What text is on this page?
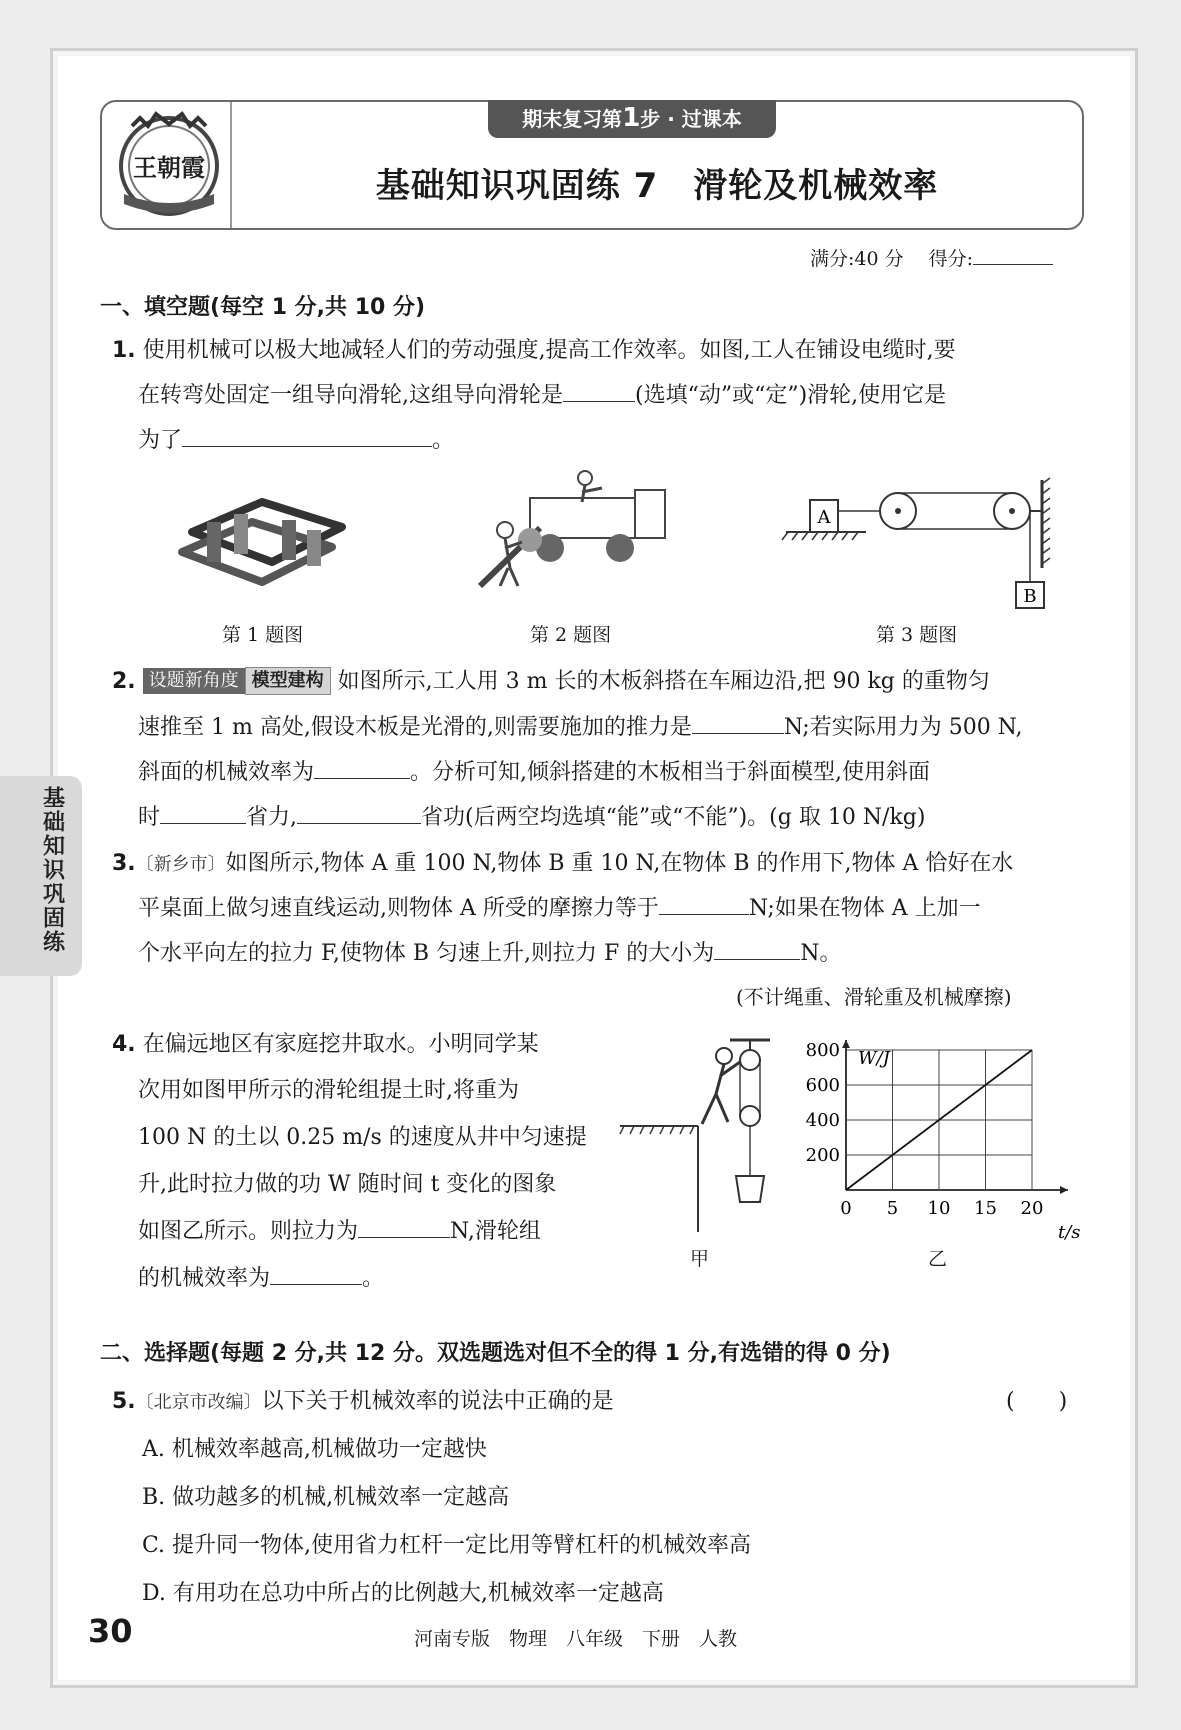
王朝霞
期末复习第1步 · 过课本
基础知识巩固练 7　滑轮及机械效率
满分:40 分　 得分:
一、填空题(每空 1 分,共 10 分)
1. 使用机械可以极大地减轻人们的劳动强度,提高工作效率。如图,工人在铺设电缆时,要
在转弯处固定一组导向滑轮,这组导向滑轮是	(选填“动”或“定”)滑轮,使用它是
为了	。
第 1 题图	第 2 题图
A
B
第 3 题图
2. 设题新角度 模型建构 如图所示,工人用 3 m 长的木板斜搭在车厢边沿,把 90 kg 的重物匀
速推至 1 m 高处,假设木板是光滑的,则需要施加的推力是	N;若实际用力为 500 N,
斜面的机械效率为	。分析可知,倾斜搭建的木板相当于斜面模型,使用斜面
时	省力,	省功(后两空均选填“能”或“不能”)。(g 取 10 N/kg)
3.〔新乡市〕如图所示,物体 A 重 100 N,物体 B 重 10 N,在物体 B 的作用下,物体 A 恰好在水
平桌面上做匀速直线运动,则物体 A 所受的摩擦力等于	N;如果在物体 A 上加一
个水平向左的拉力 F,使物体 B 匀速上升,则拉力 F 的大小为	N。
(不计绳重、滑轮重及机械摩擦)
4. 在偏远地区有家庭挖井取水。小明同学某
次用如图甲所示的滑轮组提土时,将重为
100 N 的土以 0.25 m/s 的速度从井中匀速提
升,此时拉力做的功 W 随时间 t 变化的图象
如图乙所示。则拉力为	N,滑轮组
的机械效率为	。
甲
0 5 10 15 20
200
400
600
800 W/J
t/s
乙
二、选择题(每题 2 分,共 12 分。双选题选对但不全的得 1 分,有选错的得 0 分)
5.〔北京市改编〕以下关于机械效率的说法中正确的是	(　　)
A. 机械效率越高,机械做功一定越快
B. 做功越多的机械,机械效率一定越高
C. 提升同一物体,使用省力杠杆一定比用等臂杠杆的机械效率高
D. 有用功在总功中所占的比例越大,机械效率一定越高
基础知识巩固练
30	河南专版　物理　八年级　下册　人教
